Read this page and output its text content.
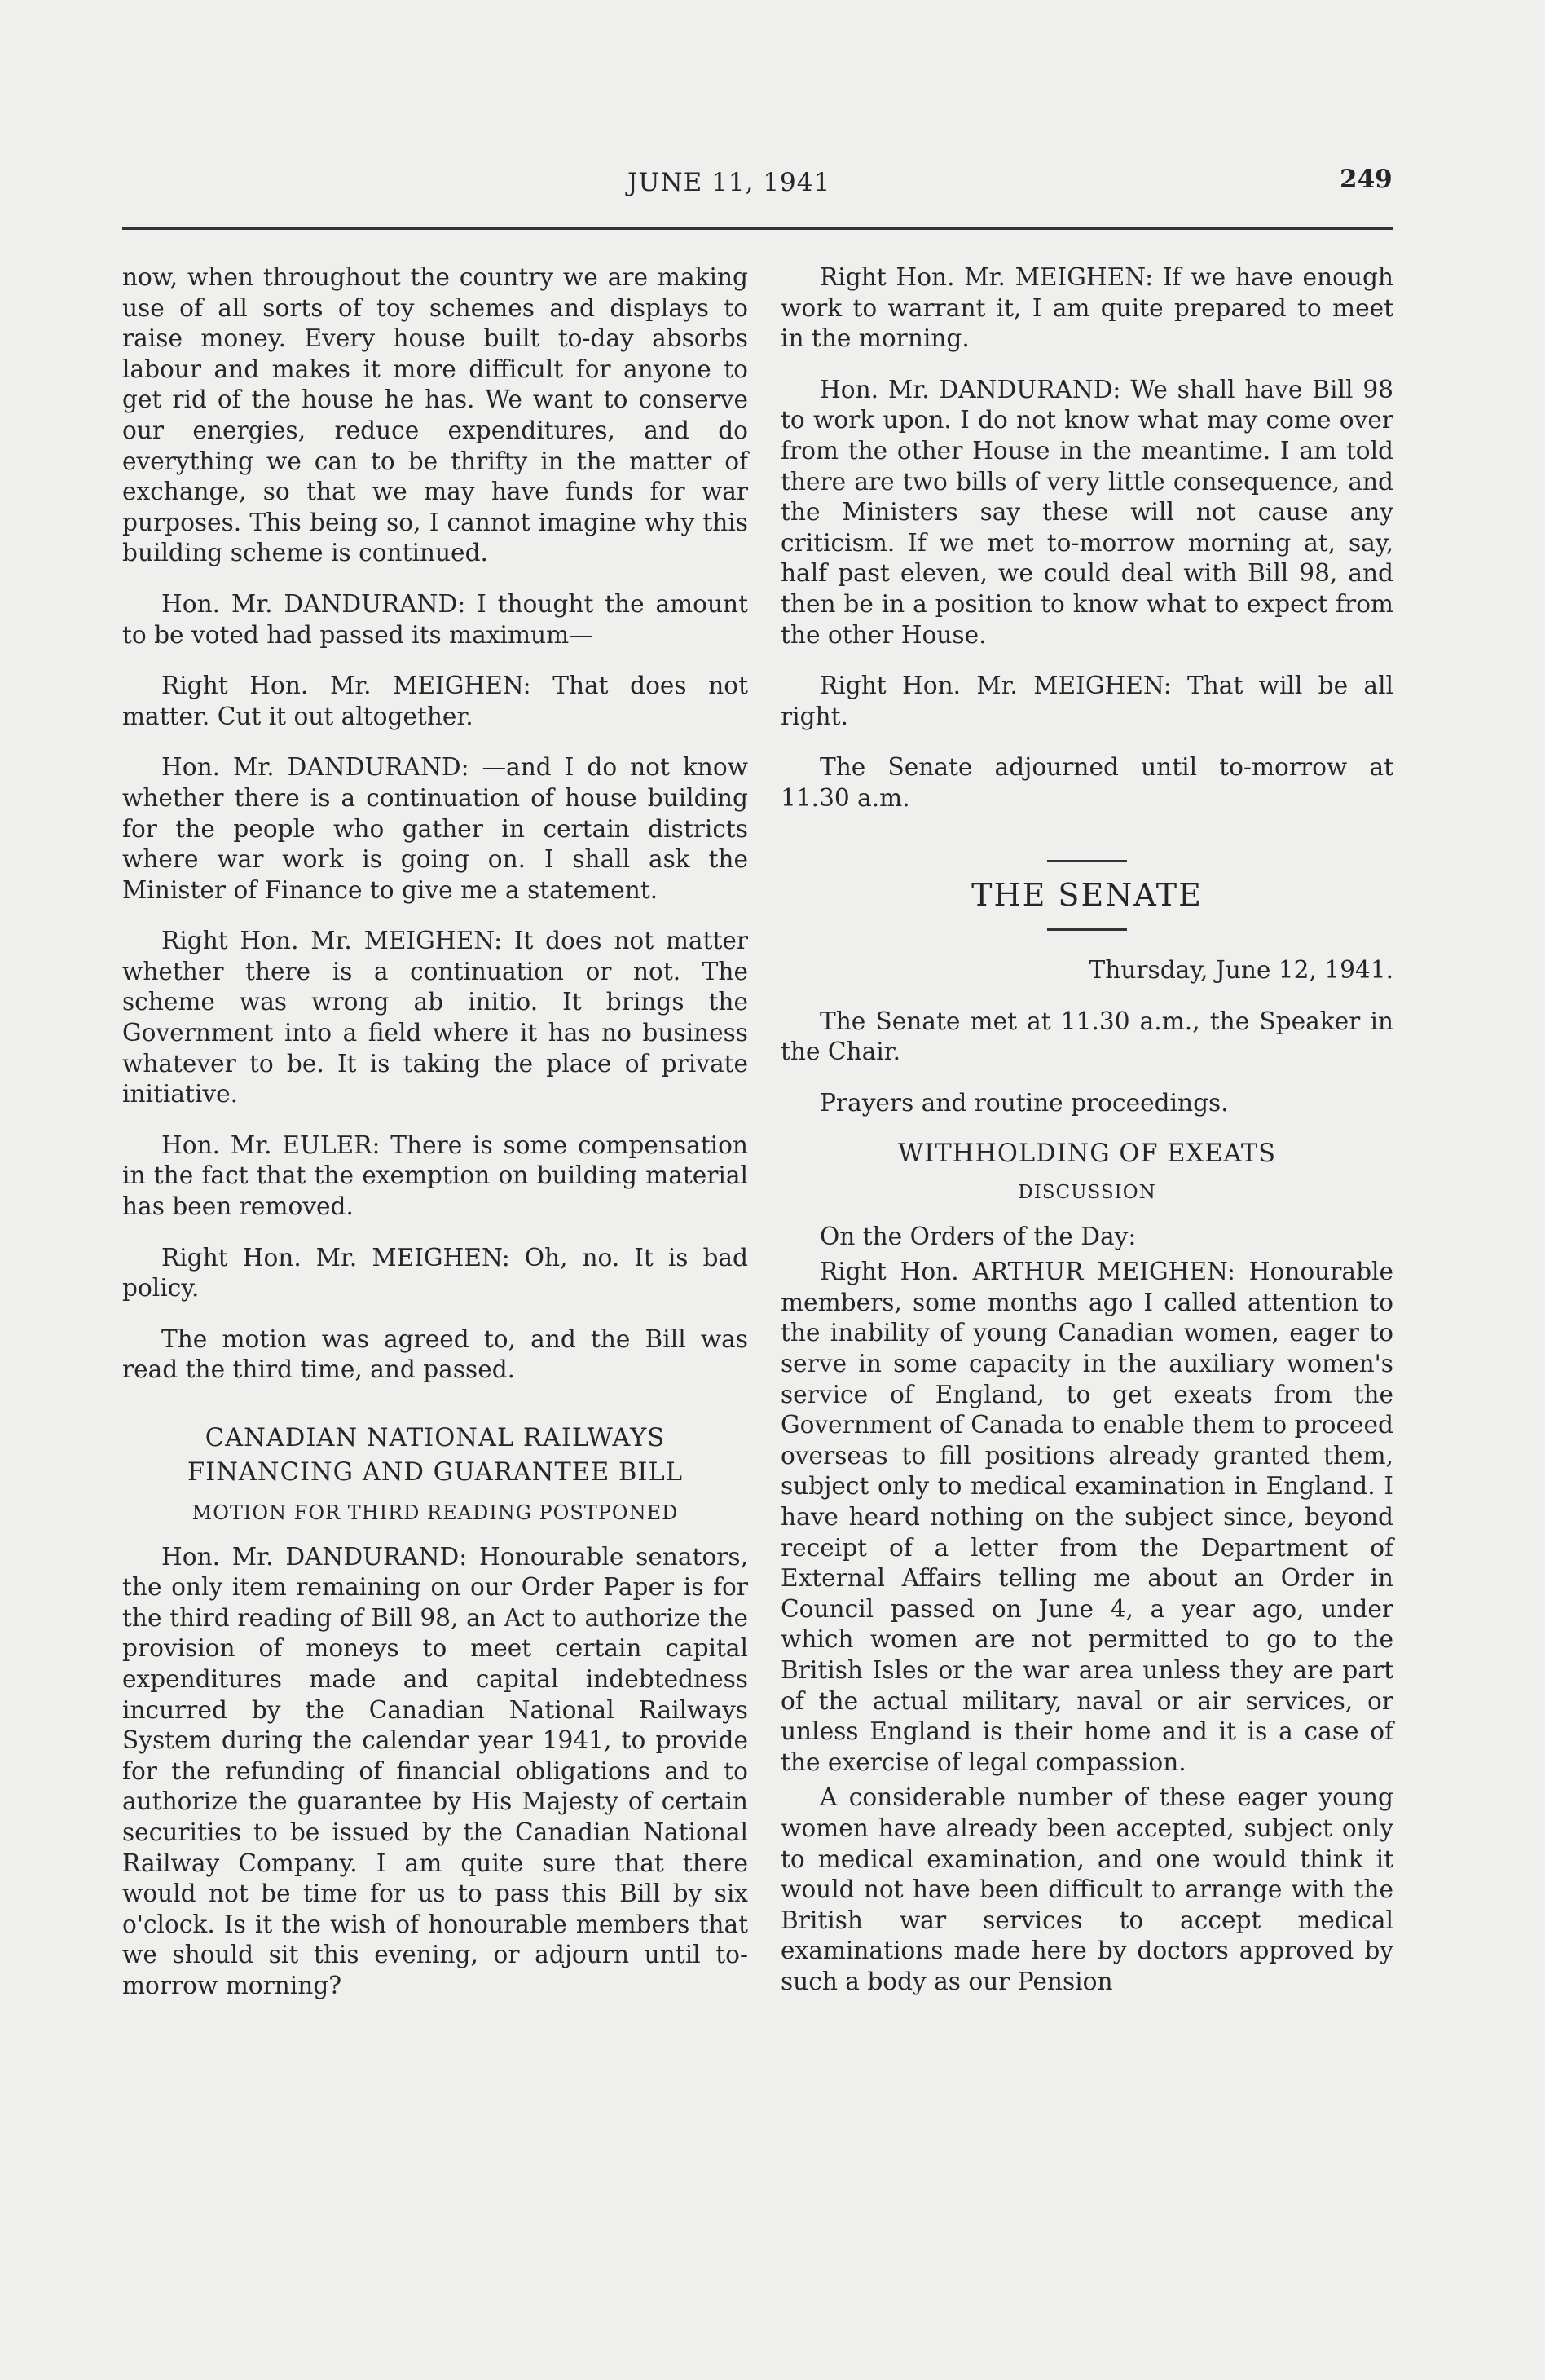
JUNE 11, 1941	249

now, when throughout the country we are making use of all sorts of toy schemes and displays to raise money. Every house built to-day absorbs labour and makes it more difficult for anyone to get rid of the house he has. We want to conserve our energies, reduce expenditures, and do everything we can to be thrifty in the matter of exchange, so that we may have funds for war purposes. This being so, I cannot imagine why this building scheme is continued.

Hon. Mr. DANDURAND: I thought the amount to be voted had passed its maximum—

Right Hon. Mr. MEIGHEN: That does not matter. Cut it out altogether.

Hon. Mr. DANDURAND: —and I do not know whether there is a continuation of house building for the people who gather in certain districts where war work is going on. I shall ask the Minister of Finance to give me a statement.

Right Hon. Mr. MEIGHEN: It does not matter whether there is a continuation or not. The scheme was wrong ab initio. It brings the Government into a field where it has no business whatever to be. It is taking the place of private initiative.

Hon. Mr. EULER: There is some compensation in the fact that the exemption on building material has been removed.

Right Hon. Mr. MEIGHEN: Oh, no. It is bad policy.

The motion was agreed to, and the Bill was read the third time, and passed.

CANADIAN NATIONAL RAILWAYS FINANCING AND GUARANTEE BILL
MOTION FOR THIRD READING POSTPONED

Hon. Mr. DANDURAND: Honourable senators, the only item remaining on our Order Paper is for the third reading of Bill 98, an Act to authorize the provision of moneys to meet certain capital expenditures made and capital indebtedness incurred by the Canadian National Railways System during the calendar year 1941, to provide for the refunding of financial obligations and to authorize the guarantee by His Majesty of certain securities to be issued by the Canadian National Railway Company. I am quite sure that there would not be time for us to pass this Bill by six o'clock. Is it the wish of honourable members that we should sit this evening, or adjourn until to-morrow morning?

Right Hon. Mr. MEIGHEN: If we have enough work to warrant it, I am quite prepared to meet in the morning.

Hon. Mr. DANDURAND: We shall have Bill 98 to work upon. I do not know what may come over from the other House in the meantime. I am told there are two bills of very little consequence, and the Ministers say these will not cause any criticism. If we met to-morrow morning at, say, half past eleven, we could deal with Bill 98, and then be in a position to know what to expect from the other House.

Right Hon. Mr. MEIGHEN: That will be all right.

The Senate adjourned until to-morrow at 11.30 a.m.

THE SENATE

Thursday, June 12, 1941.

The Senate met at 11.30 a.m., the Speaker in the Chair.

Prayers and routine proceedings.

WITHHOLDING OF EXEATS
DISCUSSION

On the Orders of the Day:

Right Hon. ARTHUR MEIGHEN: Honourable members, some months ago I called attention to the inability of young Canadian women, eager to serve in some capacity in the auxiliary women's service of England, to get exeats from the Government of Canada to enable them to proceed overseas to fill positions already granted them, subject only to medical examination in England. I have heard nothing on the subject since, beyond receipt of a letter from the Department of External Affairs telling me about an Order in Council passed on June 4, a year ago, under which women are not permitted to go to the British Isles or the war area unless they are part of the actual military, naval or air services, or unless England is their home and it is a case of the exercise of legal compassion.

A considerable number of these eager young women have already been accepted, subject only to medical examination, and one would think it would not have been difficult to arrange with the British war services to accept medical examinations made here by doctors approved by such a body as our Pension
